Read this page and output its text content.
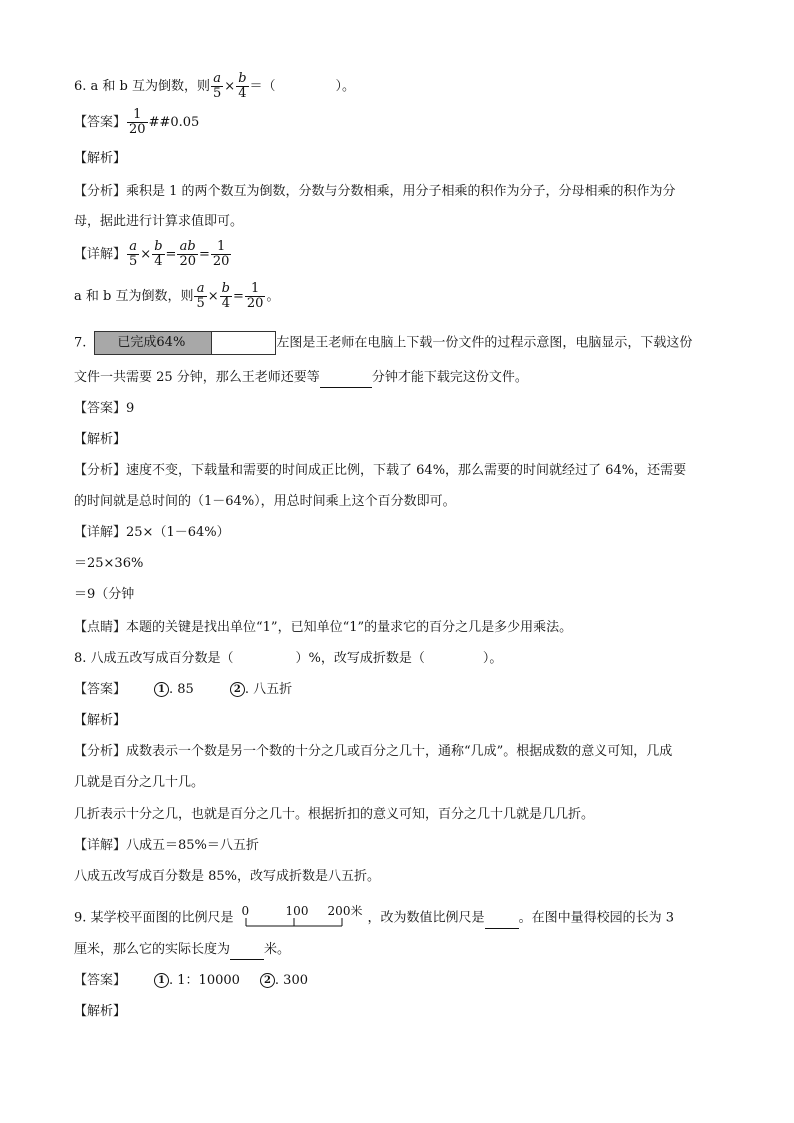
6. a 和 b 互为倒数，则 $\frac{a}{5} \times \frac{b}{4}$ ＝（	）。
【答案】 $\frac{1}{20}$ ##0.05
【解析】
【分析】乘积是 1 的两个数互为倒数，分数与分数相乘，用分子相乘的积作为分子，分母相乘的积作为分
母，据此进行计算求值即可。
【详解】 $\frac{a}{5} \times \frac{b}{4} = \frac{ab}{20} = \frac{1}{20}$
a 和 b 互为倒数，则 $\frac{a}{5} \times \frac{b}{4} = \frac{1}{20}$ 。
7. 已完成64%	左图是王老师在电脑上下载一份文件的过程示意图，电脑显示，下载这份
文件一共需要 25 分钟，那么王老师还要等	分钟才能下载完这份文件。
【答案】9
【解析】
【分析】速度不变，下载量和需要的时间成正比例，下载了 64%，那么需要的时间就经过了 64%，还需要
的时间就是总时间的（1－64%），用总时间乘上这个百分数即可。
【详解】25×（1－64%）
＝25×36%
＝9（分钟
【点睛】本题的关键是找出单位“1”，已知单位“1”的量求它的百分之几是多少用乘法。
8. 八成五改写成百分数是（	）%，改写成折数是（	）。
【答案】	1 . 85	2 . 八五折
【解析】
【分析】成数表示一个数是另一个数的十分之几或百分之几十，通称“几成”。根据成数的意义可知，几成
几就是百分之几十几。
几折表示十分之几，也就是百分之几十。根据折扣的意义可知，百分之几十几就是几几折。
【详解】八成五＝85%＝八五折
八成五改写成百分数是 85%，改写成折数是八五折。
9. 某学校平面图的比例尺是 0	100 200米 ，改为数值比例尺是	。在图中量得校园的长为 3
厘米，那么它的实际长度为	米。
【答案】	1 . 1：10000 2 . 300
【解析】
